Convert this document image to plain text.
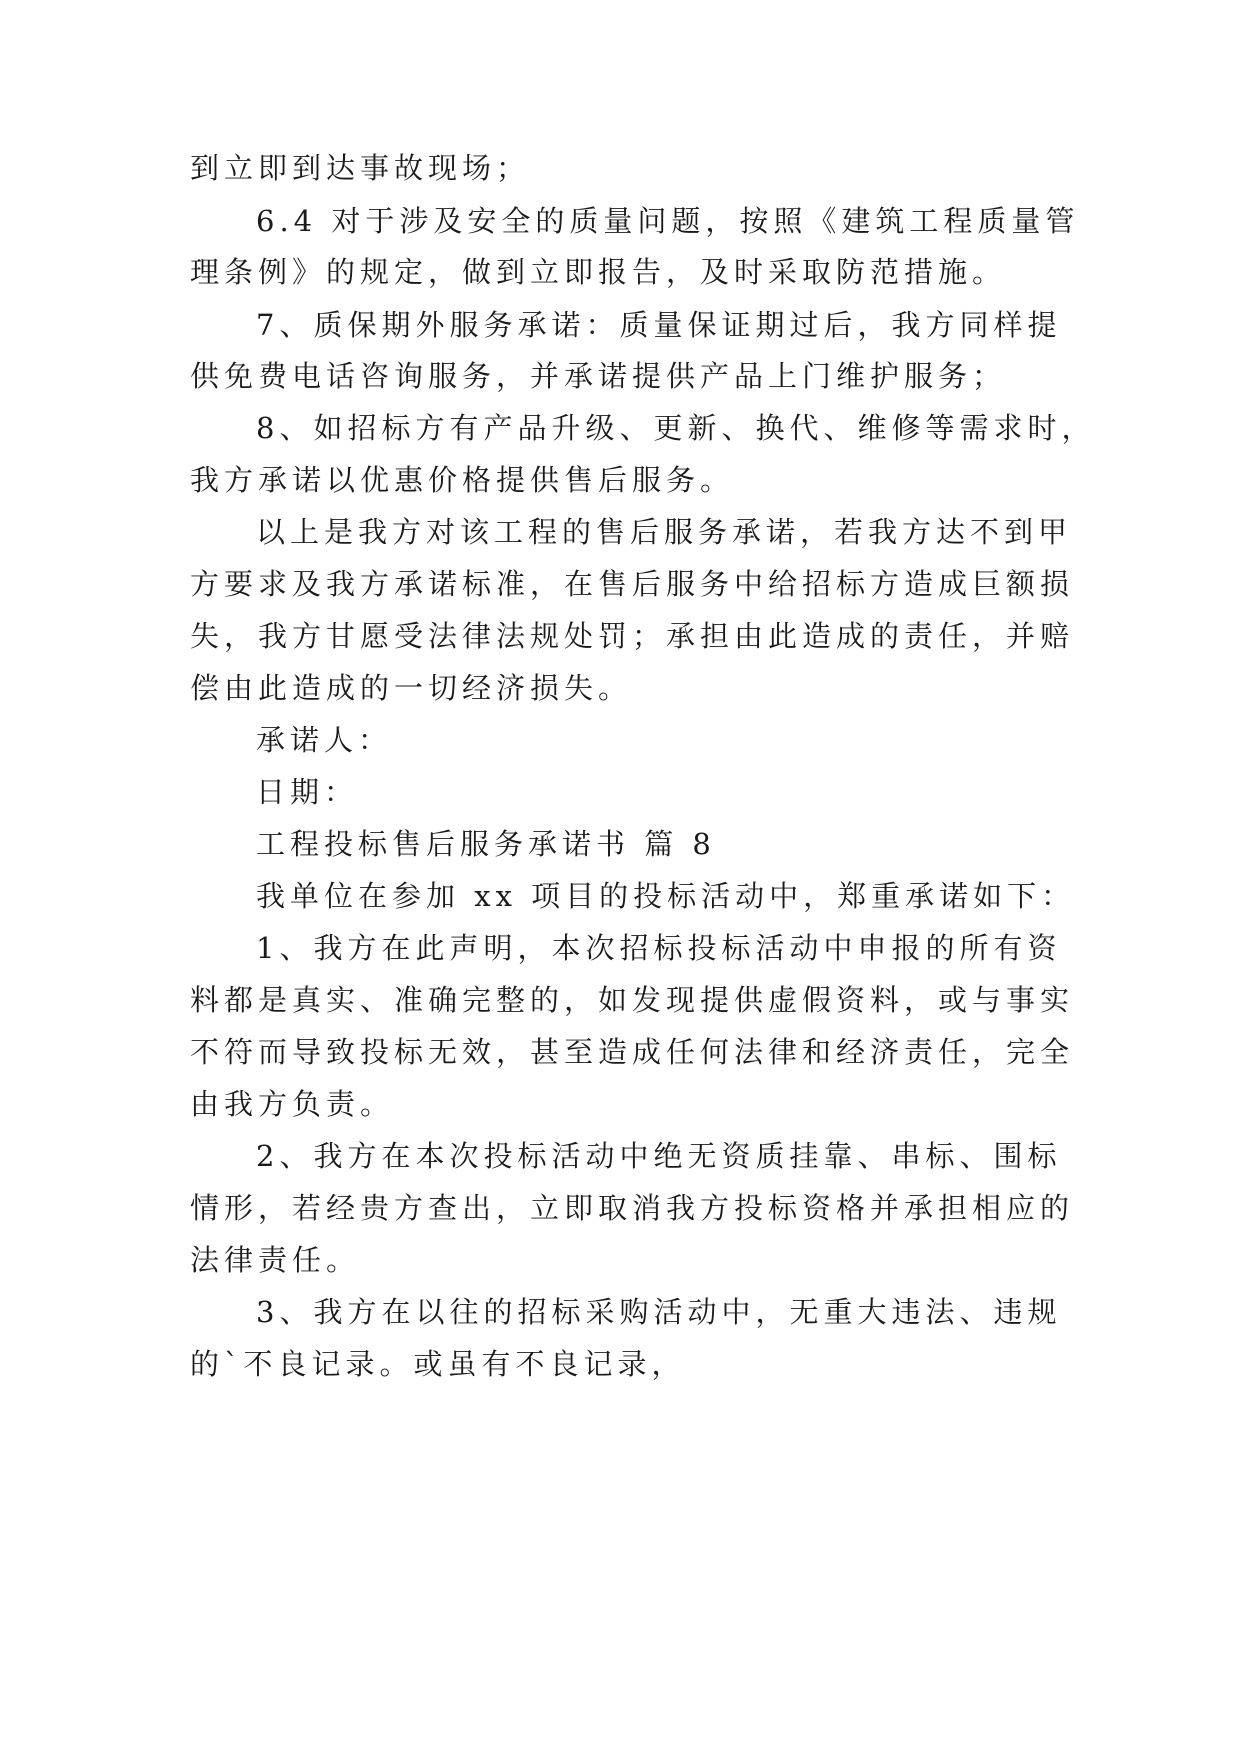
到立即到达事故现场；
6.4 对于涉及安全的质量问题，按照《建筑工程质量管
理条例》的规定，做到立即报告，及时采取防范措施。
7、质保期外服务承诺：质量保证期过后，我方同样提
供免费电话咨询服务，并承诺提供产品上门维护服务；
8、如招标方有产品升级、更新、换代、维修等需求时，
我方承诺以优惠价格提供售后服务。
以上是我方对该工程的售后服务承诺，若我方达不到甲
方要求及我方承诺标准，在售后服务中给招标方造成巨额损
失，我方甘愿受法律法规处罚；承担由此造成的责任，并赔
偿由此造成的一切经济损失。
承诺人：
日期：
工程投标售后服务承诺书 篇 8
我单位在参加 xx 项目的投标活动中，郑重承诺如下：
1、我方在此声明，本次招标投标活动中申报的所有资
料都是真实、准确完整的，如发现提供虚假资料，或与事实
不符而导致投标无效，甚至造成任何法律和经济责任，完全
由我方负责。
2、我方在本次投标活动中绝无资质挂靠、串标、围标
情形，若经贵方查出，立即取消我方投标资格并承担相应的
法律责任。
3、我方在以往的招标采购活动中，无重大违法、违规
的`不良记录。或虽有不良记录，
